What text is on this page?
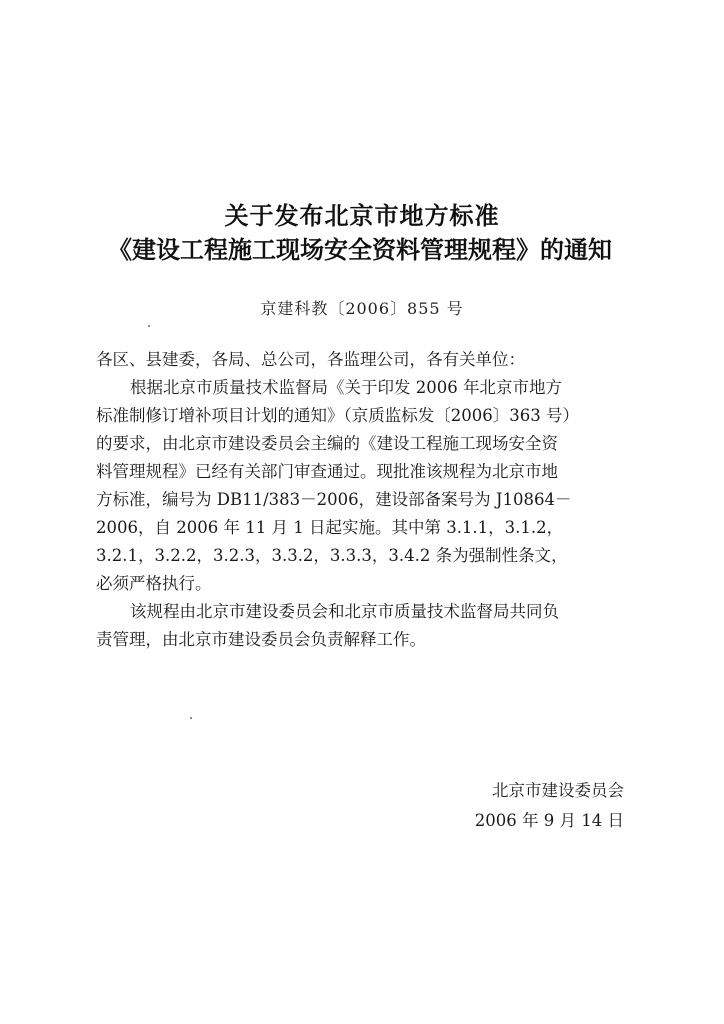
关于发布北京市地方标准
《建设工程施工现场安全资料管理规程》的通知
京建科教〔2006〕855 号
各区、县建委，各局、总公司，各监理公司，各有关单位：
根据北京市质量技术监督局《关于印发 2006 年北京市地方
标准制修订增补项目计划的通知》（京质监标发〔2006〕363 号）
的要求，由北京市建设委员会主编的《建设工程施工现场安全资
料管理规程》已经有关部门审查通过。现批准该规程为北京市地
方标准，编号为 DB11/383－2006，建设部备案号为 J10864－
2006，自 2006 年 11 月 1 日起实施。其中第 3.1.1，3.1.2，
3.2.1，3.2.2，3.2.3，3.3.2，3.3.3，3.4.2 条为强制性条文，
必须严格执行。
该规程由北京市建设委员会和北京市质量技术监督局共同负
责管理，由北京市建设委员会负责解释工作。
北京市建设委员会
2006 年 9 月 14 日
